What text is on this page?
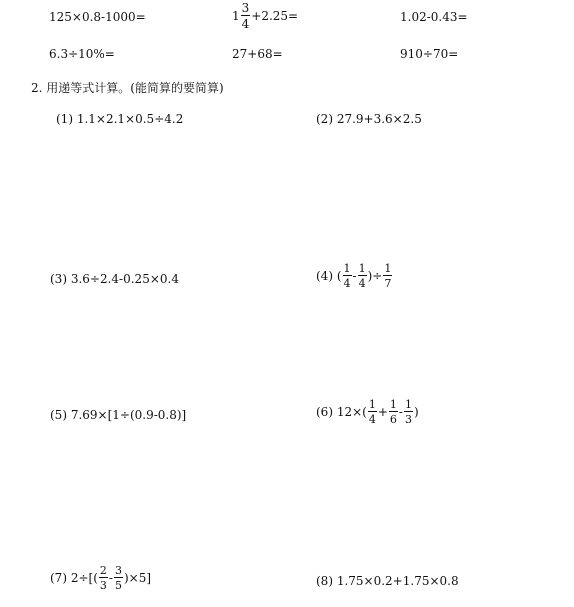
125×0.8-1000=	$1 \frac{3}{4} +2.25=$	1.02-0.43=
6.3÷10%=	27+68=	910÷70=
2. 用递等式计算。(能简算的要简算)
(1) 1.1×2.1×0.5÷4.2	(2) 27.9+3.6×2.5
(3) 3.6÷2.4-0.25×0.4	(4) ( $\frac{1}{4} - \frac{1}{4}$ )÷ $\frac{1}{7}$
(5) 7.69×[1÷(0.9-0.8)]	(6) $12\times( \frac{1}{4} + \frac{1}{6} - \frac{1}{3}$ )
(7) $2\div[( \frac{2}{3} - \frac{3}{5} )\times 5]$	(8) 1.75×0.2+1.75×0.8
